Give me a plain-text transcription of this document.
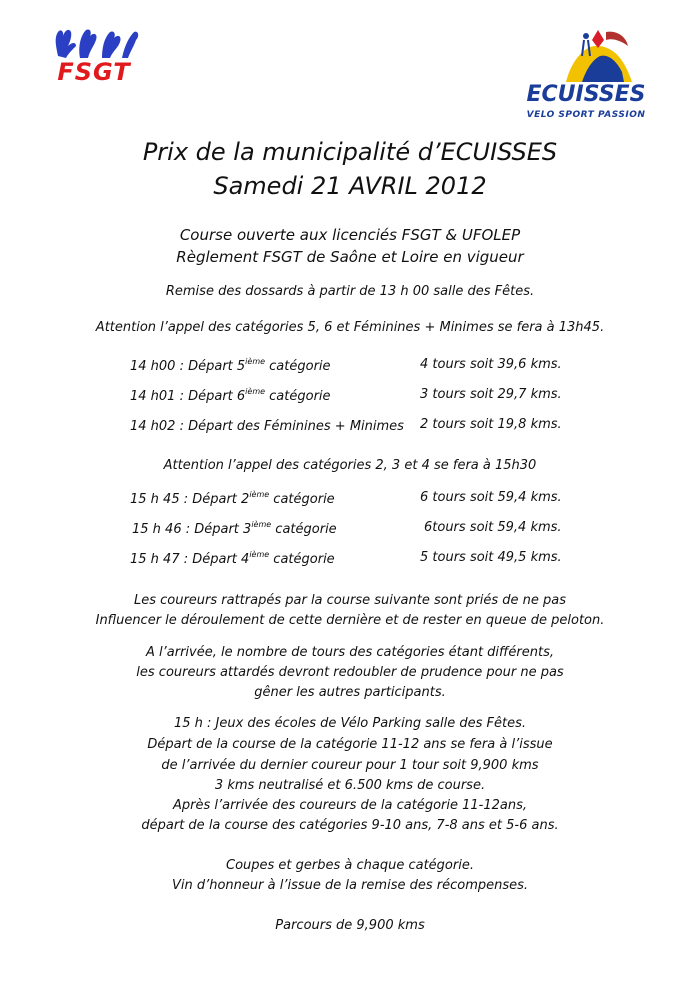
FSGT
ECUISSES
VELO SPORT PASSION
Prix de la municipalité d’ECUISSES
Samedi 21 AVRIL 2012
Course ouverte aux licenciés FSGT & UFOLEP
Règlement FSGT de Saône et Loire en vigueur
Remise des dossards à partir de 13 h 00 salle des Fêtes.
Attention l’appel des catégories 5, 6 et Féminines + Minimes se fera à 13h45.
14 h00 : Départ 5ième catégorie	4 tours soit 39,6 kms.
14 h01 : Départ 6ième catégorie	3 tours soit 29,7 kms.
14 h02 : Départ des Féminines + Minimes 2 tours soit 19,8 kms.
Attention l’appel des catégories 2, 3 et 4 se fera à 15h30
15 h 45 : Départ 2ième catégorie	6 tours soit 59,4 kms.
15 h 46 : Départ 3ième catégorie	6tours soit 59,4 kms.
15 h 47 : Départ 4ième catégorie	5 tours soit 49,5 kms.
Les coureurs rattrapés par la course suivante sont priés de ne pas
Influencer le déroulement de cette dernière et de rester en queue de peloton.
A l’arrivée, le nombre de tours des catégories étant différents,
les coureurs attardés devront redoubler de prudence pour ne pas
gêner les autres participants.
15 h : Jeux des écoles de Vélo Parking salle des Fêtes.
Départ de la course de la catégorie 11-12 ans se fera à l’issue
de l’arrivée du dernier coureur pour 1 tour soit 9,900 kms
3 kms neutralisé et 6.500 kms de course.
Après l’arrivée des coureurs de la catégorie 11-12ans,
départ de la course des catégories 9-10 ans, 7-8 ans et 5-6 ans.
Coupes et gerbes à chaque catégorie.
Vin d’honneur à l’issue de la remise des récompenses.
Parcours de 9,900 kms
